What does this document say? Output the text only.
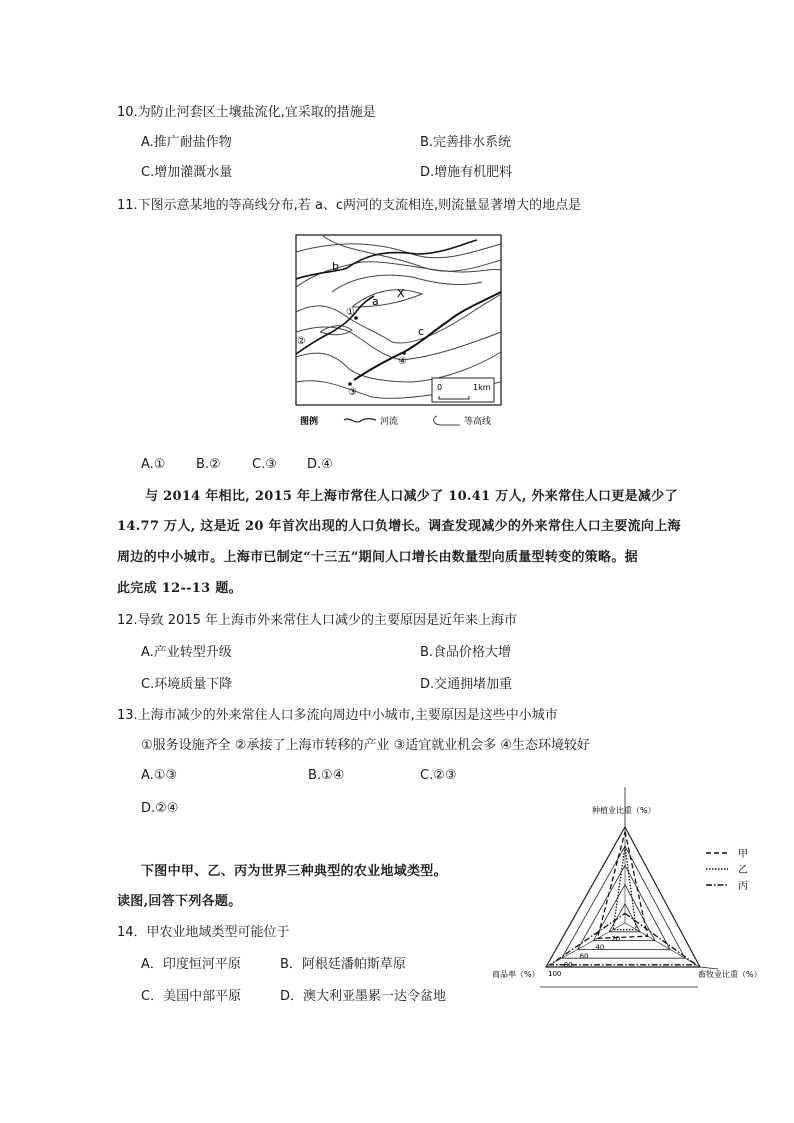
10.为防止河套区土壤盐流化,宜采取的措施是
A.推广耐盐作物	B.完善排水系统
C.增加灌溉水量	D.增施有机肥料
11.下图示意某地的等高线分布,若 a、c两河的支流相连,则流量显著增大的地点是
b
a
X
c
①
②
③
④
0	1km
图例	河流	等高线
A.① B.② C.③ D.④
与 2014 年相比, 2015 年上海市常住人口减少了 10.41 万人, 外来常住人口更是减少了
14.77 万人, 这是近 20 年首次出现的人口负增长。调查发现减少的外来常住人口主要流向上海
周边的中小城市。上海市已制定“十三五”期间人口增长由数量型向质量型转变的策略。据
此完成 12--13 题。
12.导致 2015 年上海市外来常住人口减少的主要原因是近年来上海市
A.产业转型升级	B.食品价格大增
C.环境质量下降	D.交通拥堵加重
13.上海市减少的外来常住人口多流向周边中小城市,主要原因是这些中小城市
①服务设施齐全 ②承接了上海市转移的产业 ③适宜就业机会多 ④生态环境较好
A.①③	B.①④	C.②③
D.②④
下图中甲、乙、丙为世界三种典型的农业地域类型。
读图,回答下列各题。
14．甲农业地域类型可能位于
A．印度恒河平原	B．阿根廷潘帕斯草原
C．美国中部平原	D．澳大利亚墨累一达令盆地
种植业比重（%）
畜牧业比重（%）
商品率（%）
20
40
60
80
100
甲
乙
丙
